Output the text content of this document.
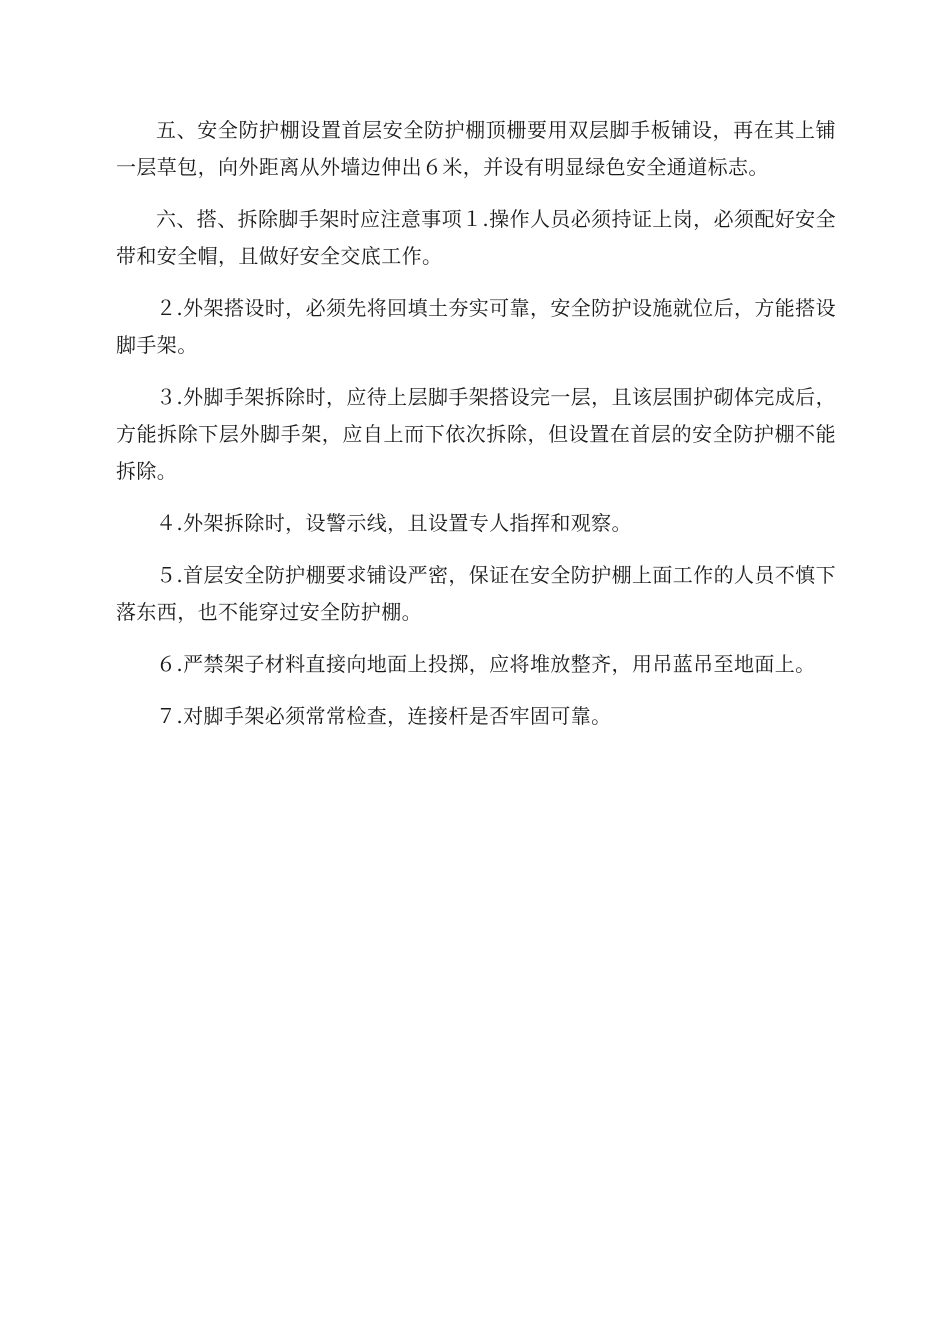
五、安全防护棚设置首层安全防护棚顶栅要用双层脚手板铺设，再在其上铺一层草包，向外距离从外墙边伸出６米，并设有明显绿色安全通道标志。

六、搭、拆除脚手架时应注意事项１.操作人员必须持证上岗，必须配好安全带和安全帽，且做好安全交底工作。

２.外架搭设时，必须先将回填土夯实可靠，安全防护设施就位后，方能搭设脚手架。

３.外脚手架拆除时，应待上层脚手架搭设完一层，且该层围护砌体完成后，方能拆除下层外脚手架，应自上而下依次拆除，但设置在首层的安全防护棚不能拆除。

４.外架拆除时，设警示线，且设置专人指挥和观察。

５.首层安全防护棚要求铺设严密，保证在安全防护棚上面工作的人员不慎下落东西，也不能穿过安全防护棚。

６.严禁架子材料直接向地面上投掷，应将堆放整齐，用吊蓝吊至地面上。

７.对脚手架必须常常检查，连接杆是否牢固可靠。
